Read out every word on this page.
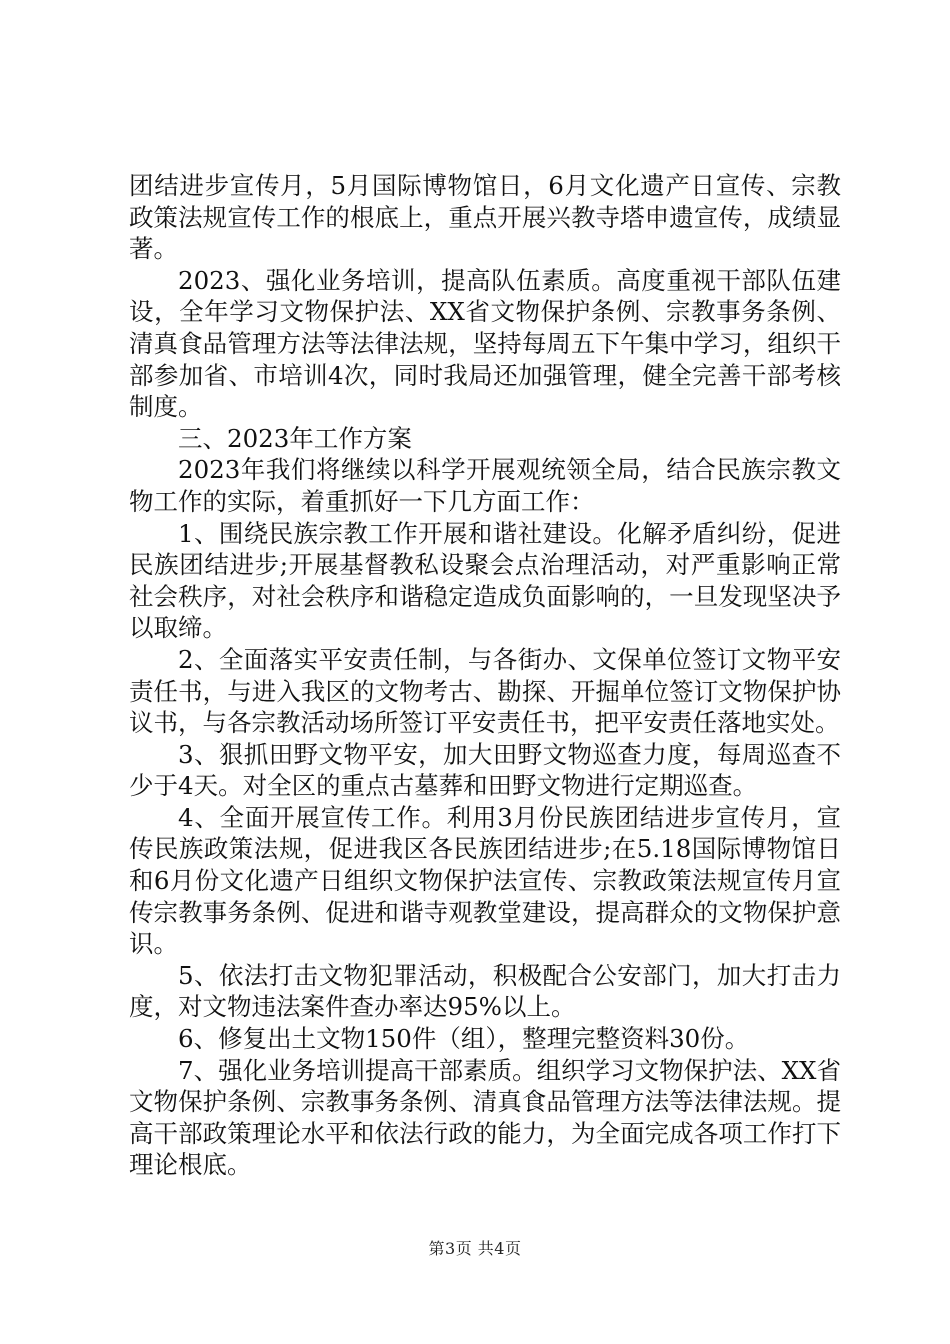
团结进步宣传月，5月国际博物馆日，6月文化遗产日宣传、宗教政策法规宣传工作的根底上，重点开展兴教寺塔申遗宣传，成绩显著。

2023、强化业务培训，提高队伍素质。高度重视干部队伍建设，全年学习文物保护法、XX省文物保护条例、宗教事务条例、清真食品管理方法等法律法规，坚持每周五下午集中学习，组织干部参加省、市培训4次，同时我局还加强管理，健全完善干部考核制度。

三、2023年工作方案

2023年我们将继续以科学开展观统领全局，结合民族宗教文物工作的实际，着重抓好一下几方面工作：

1、围绕民族宗教工作开展和谐社建设。化解矛盾纠纷，促进民族团结进步;开展基督教私设聚会点治理活动，对严重影响正常社会秩序，对社会秩序和谐稳定造成负面影响的，一旦发现坚决予以取缔。

2、全面落实平安责任制，与各街办、文保单位签订文物平安责任书，与进入我区的文物考古、勘探、开掘单位签订文物保护协议书，与各宗教活动场所签订平安责任书，把平安责任落地实处。

3、狠抓田野文物平安，加大田野文物巡查力度，每周巡查不少于4天。对全区的重点古墓葬和田野文物进行定期巡查。

4、全面开展宣传工作。利用3月份民族团结进步宣传月，宣传民族政策法规，促进我区各民族团结进步;在5.18国际博物馆日和6月份文化遗产日组织文物保护法宣传、宗教政策法规宣传月宣传宗教事务条例、促进和谐寺观教堂建设，提高群众的文物保护意识。

5、依法打击文物犯罪活动，积极配合公安部门，加大打击力度，对文物违法案件查办率达95%以上。

6、修复出土文物150件（组），整理完整资料30份。

7、强化业务培训提高干部素质。组织学习文物保护法、XX省文物保护条例、宗教事务条例、清真食品管理方法等法律法规。提高干部政策理论水平和依法行政的能力，为全面完成各项工作打下理论根底。

第3页 共4页
